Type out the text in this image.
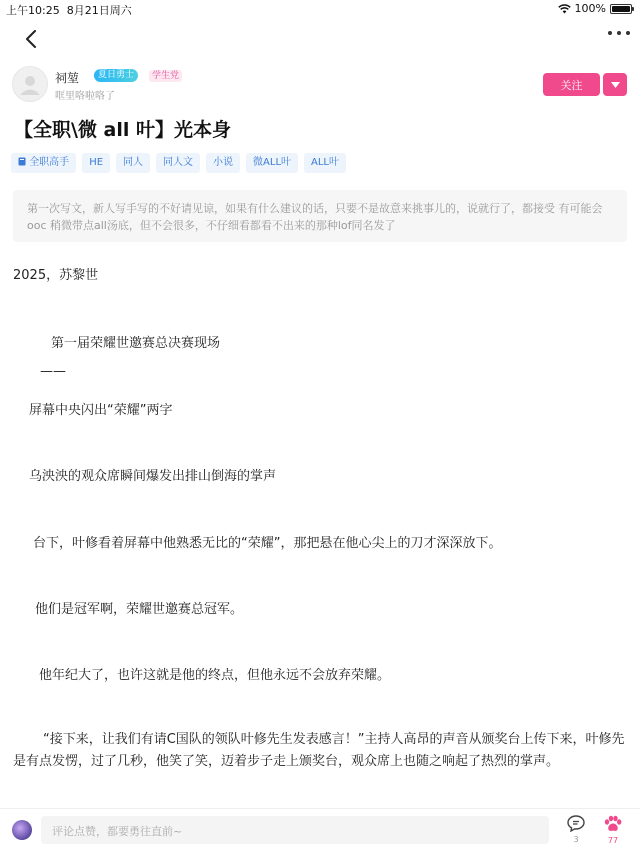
上午10:25 8月21日周六	100%
祠堃	夏日勇士	学生党
哐里咯啦咯了
关注
【全职\微 all 叶】光本身
全职高手	HE	同人	同人文	小说	微ALL叶	ALL叶
第一次写文，新人写手写的不好请见谅，如果有什么建议的话，只要不是故意来挑事儿的，说就行了，都接受 有可能会ooc 稍微带点all汤底，但不会很多，不仔细看都看不出来的那种lof同名发了
2025，苏黎世
第一届荣耀世邀赛总决赛现场
——
屏幕中央闪出“荣耀”两字
乌泱泱的观众席瞬间爆发出排山倒海的掌声
台下，叶修看着屏幕中他熟悉无比的“荣耀”，那把悬在他心尖上的刀才深深放下。
他们是冠军啊，荣耀世邀赛总冠军。
他年纪大了，也许这就是他的终点，但他永远不会放弃荣耀。
“接下来，让我们有请C国队的领队叶修先生发表感言！”主持人高昂的声音从颁奖台上传下来，叶修先是有点发愣，过了几秒，他笑了笑，迈着步子走上颁奖台，观众席上也随之响起了热烈的掌声。
评论点赞，都要勇往直前~
3	77
